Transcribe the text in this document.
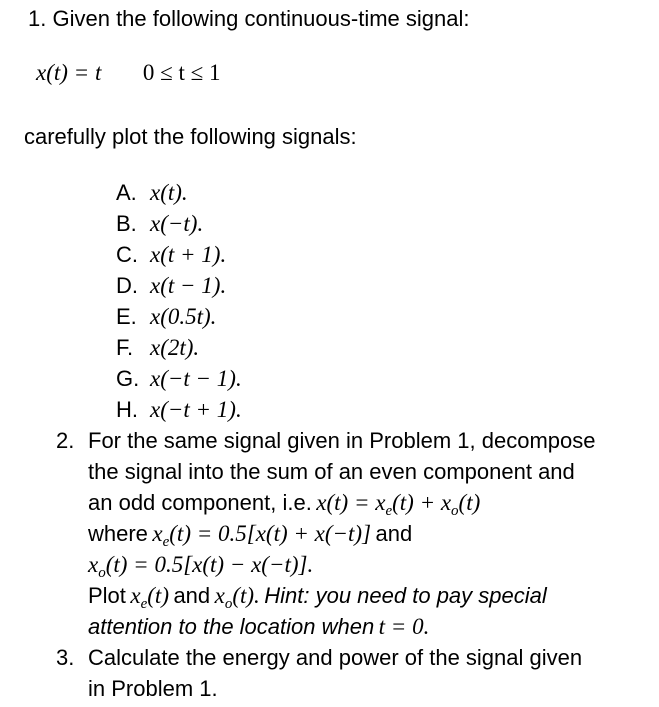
1. Given the following continuous-time signal:
x(t) = t 0 ≤ t ≤ 1
carefully plot the following signals:
A. x(t).
B. x(−t).
C. x(t + 1).
D. x(t − 1).
E. x(0.5t).
F. x(2t).
G. x(−t − 1).
H. x(−t + 1).
2. For the same signal given in Problem 1, decompose
the signal into the sum of an even component and
an odd component, i.e. x(t) = xe(t) + xo(t)
where xe(t) = 0.5[x(t) + x(−t)] and
xo(t) = 0.5[x(t) − x(−t)].
Plot xe(t) and xo(t). Hint: you need to pay special
attention to the location when t = 0.
3. Calculate the energy and power of the signal given
in Problem 1.
